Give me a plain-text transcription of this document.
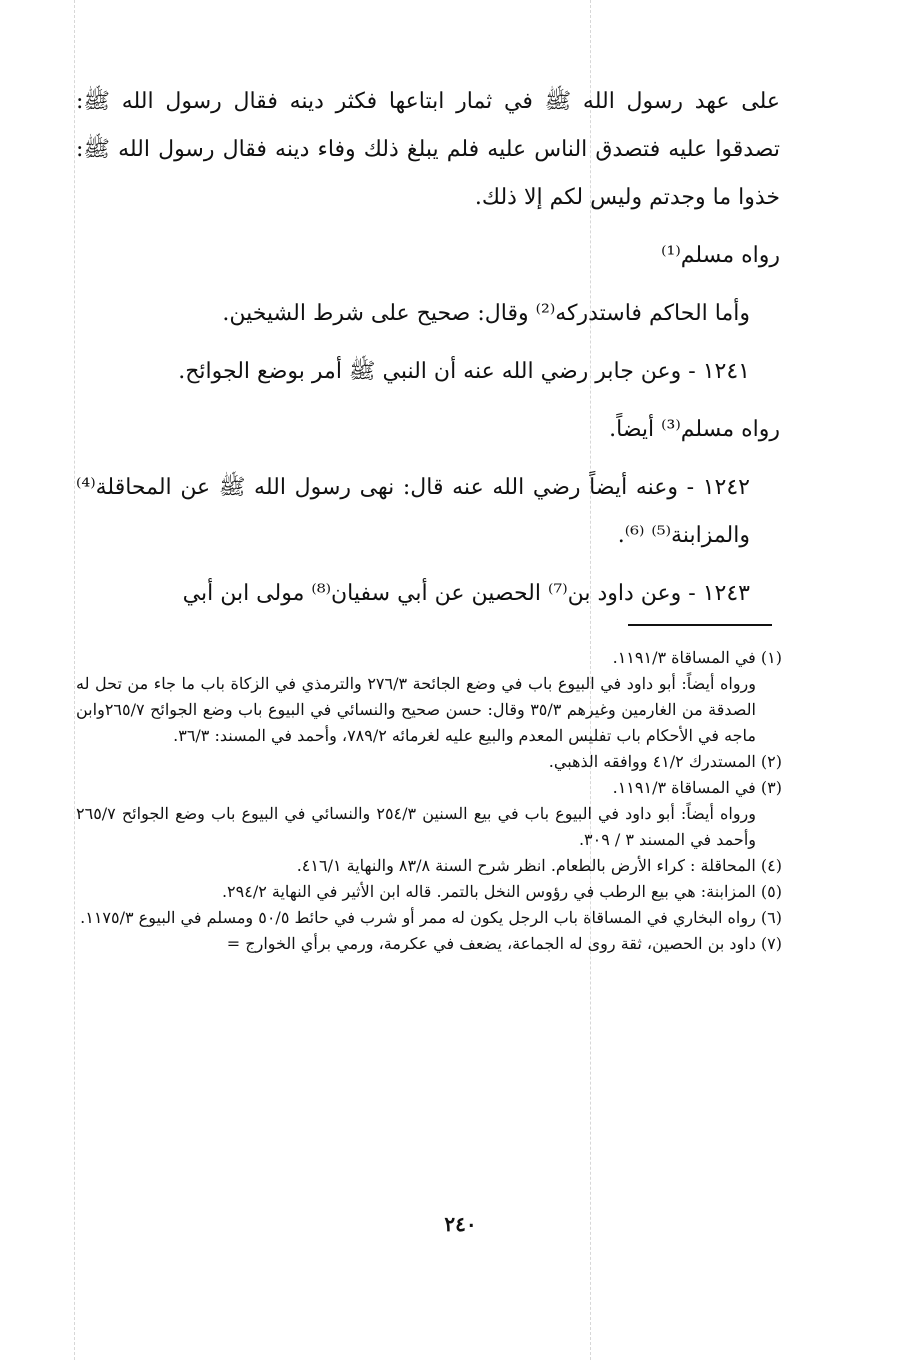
على عهد رسول الله ﷺ في ثمار ابتاعها فكثر دينه فقال رسول الله ﷺ: تصدقوا عليه فتصدق الناس عليه فلم يبلغ ذلك وفاء دينه فقال رسول الله ﷺ: خذوا ما وجدتم وليس لكم إلا ذلك.

رواه مسلم⁽¹⁾

وأما الحاكم فاستدركه⁽²⁾ وقال: صحيح على شرط الشيخين.

١٢٤١ - وعن جابر رضي الله عنه أن النبي ﷺ أمر بوضع الجوائح.

رواه مسلم⁽³⁾ أيضاً.

١٢٤٢ - وعنه أيضاً رضي الله عنه قال: نهى رسول الله ﷺ عن المحاقلة⁽⁴⁾ والمزابنة⁽⁵⁾ ⁽⁶⁾.

١٢٤٣ - وعن داود بن⁽⁷⁾ الحصين عن أبي سفيان⁽⁸⁾ مولى ابن أبي

(١) في المساقاة ١١٩١/٣.

ورواه أيضاً: أبو داود في البيوع باب في وضع الجائحة ٢٧٦/٣ والترمذي في الزكاة باب ما جاء من تحل له الصدقة من الغارمين وغيرهم ٣٥/٣ وقال: حسن صحيح والنسائي في البيوع باب وضع الجوائح ٢٦٥/٧وابن ماجه في الأحكام باب تفليس المعدم والبيع عليه لغرمائه ٧٨٩/٢، وأحمد في المسند: ٣٦/٣.

(٢) المستدرك ٤١/٢ ووافقه الذهبي.

(٣) في المساقاة ١١٩١/٣.

ورواه أيضاً: أبو داود في البيوع باب في بيع السنين ٢٥٤/٣ والنسائي في البيوع باب وضع الجوائح ٢٦٥/٧ وأحمد في المسند ٣ / ٣٠٩.

(٤) المحاقلة : كراء الأرض بالطعام. انظر شرح السنة ٨٣/٨ والنهاية ٤١٦/١.

(٥) المزابنة: هي بيع الرطب في رؤوس النخل بالتمر. قاله ابن الأثير في النهاية ٢٩٤/٢.

(٦) رواه البخاري في المساقاة باب الرجل يكون له ممر أو شرب في حائط ٥٠/٥ ومسلم في البيوع ١١٧٥/٣.

(٧) داود بن الحصين، ثقة روى له الجماعة، يضعف في عكرمة، ورمي برأي الخوارج =

٢٤٠
